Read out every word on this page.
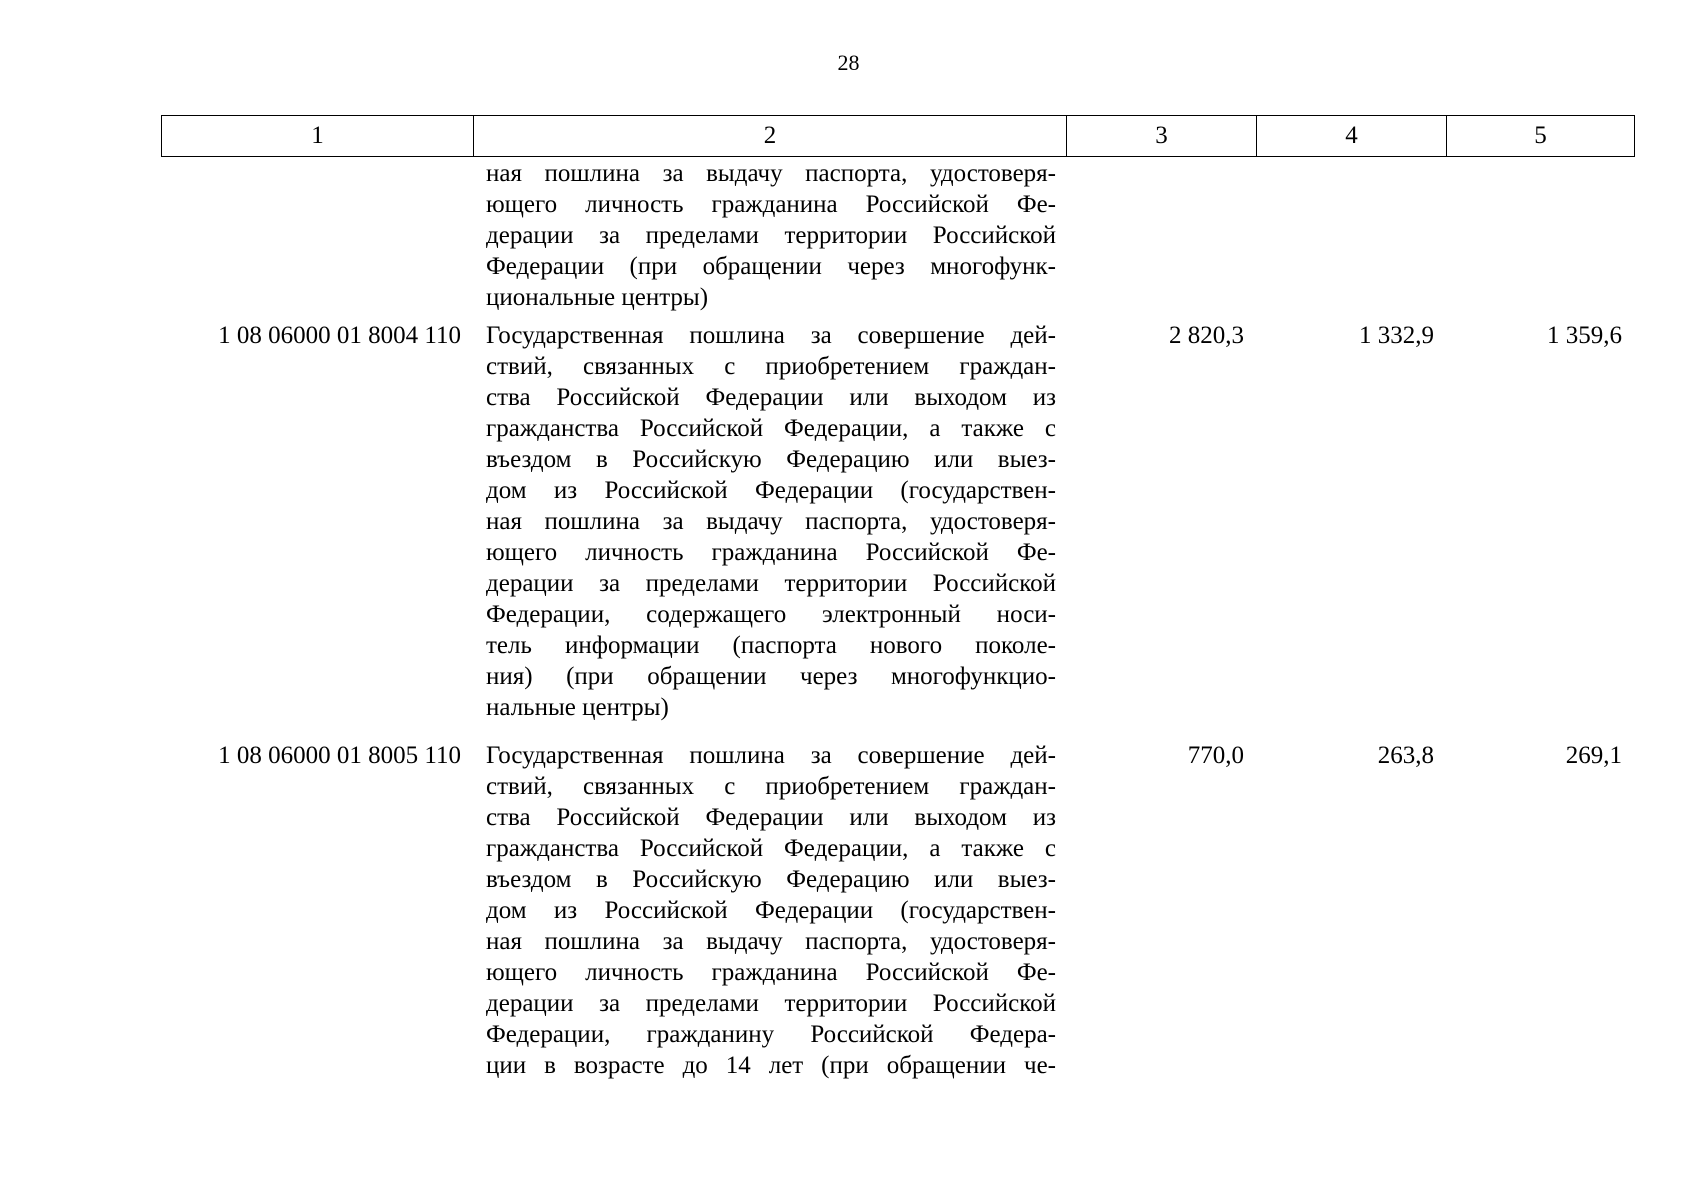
28
1	2	3	4	5
ная пошлина за выдачу паспорта, удостоверя-
ющего личность гражданина Российской Фе-
дерации за пределами территории Российской
Федерации (при обращении через многофунк-
циональные центры)
1 08 06000 01 8004 110	Государственная пошлина за совершение дей-
ствий, связанных с приобретением граждан-
ства Российской Федерации или выходом из
гражданства Российской Федерации, а также с
въездом в Российскую Федерацию или выез-
дом из Российской Федерации (государствен-
ная пошлина за выдачу паспорта, удостоверя-
ющего личность гражданина Российской Фе-
дерации за пределами территории Российской
Федерации, содержащего электронный носи-
тель информации (паспорта нового поколе-
ния) (при обращении через многофункцио-
нальные центры)
2 820,3	1 332,9	1 359,6
1 08 06000 01 8005 110	Государственная пошлина за совершение дей-
ствий, связанных с приобретением граждан-
ства Российской Федерации или выходом из
гражданства Российской Федерации, а также с
въездом в Российскую Федерацию или выез-
дом из Российской Федерации (государствен-
ная пошлина за выдачу паспорта, удостоверя-
ющего личность гражданина Российской Фе-
дерации за пределами территории Российской
Федерации, гражданину Российской Федера-
ции в возрасте до 14 лет (при обращении че-
770,0	263,8	269,1
